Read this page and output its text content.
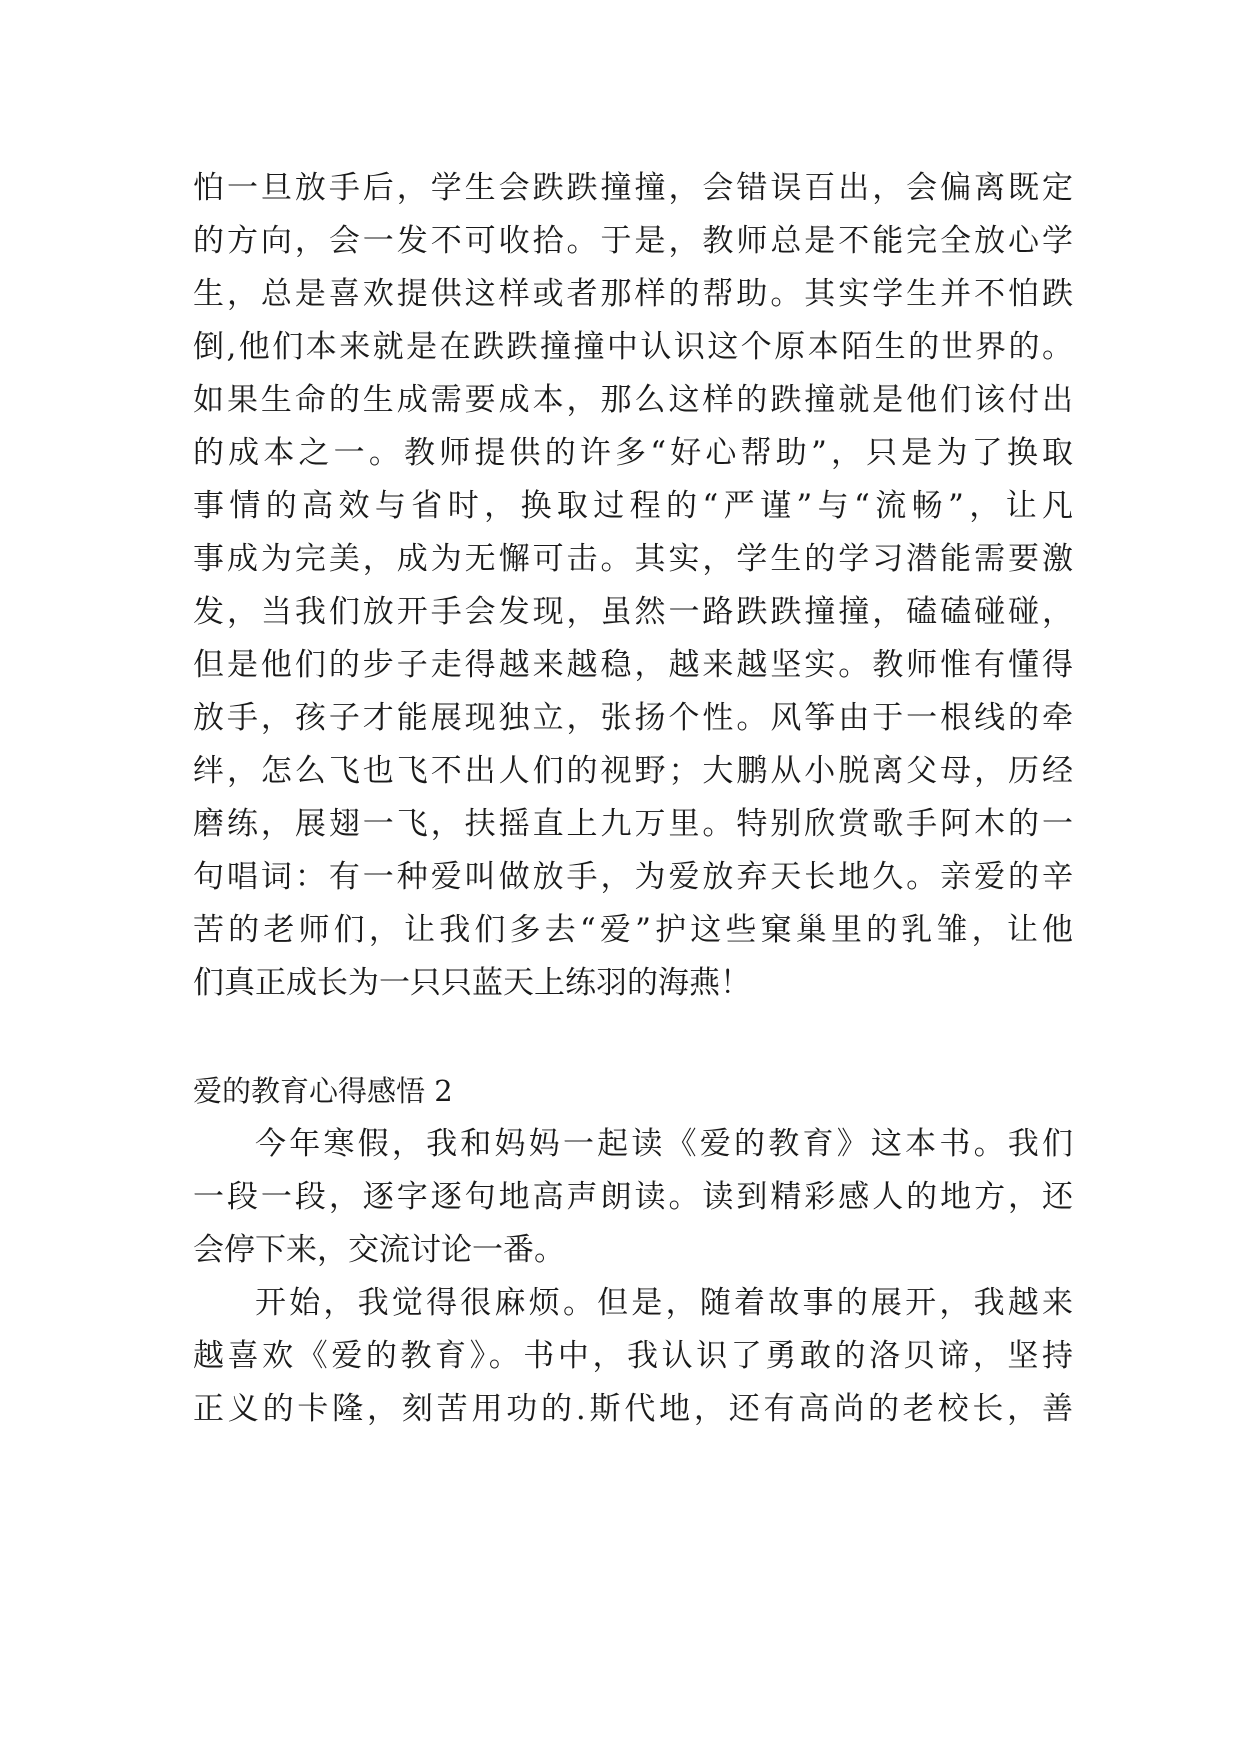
怕一旦放手后，学生会跌跌撞撞，会错误百出，会偏离既定
的方向，会一发不可收拾。于是，教师总是不能完全放心学
生，总是喜欢提供这样或者那样的帮助。其实学生并不怕跌
倒,他们本来就是在跌跌撞撞中认识这个原本陌生的世界的。
如果生命的生成需要成本，那么这样的跌撞就是他们该付出
的成本之一。教师提供的许多“好心帮助”，只是为了换取
事情的高效与省时，换取过程的“严谨”与“流畅”，让凡
事成为完美，成为无懈可击。其实，学生的学习潜能需要激
发，当我们放开手会发现，虽然一路跌跌撞撞，磕磕碰碰，
但是他们的步子走得越来越稳，越来越坚实。教师惟有懂得
放手，孩子才能展现独立，张扬个性。风筝由于一根线的牵
绊，怎么飞也飞不出人们的视野；大鹏从小脱离父母，历经
磨练，展翅一飞，扶摇直上九万里。特别欣赏歌手阿木的一
句唱词：有一种爱叫做放手，为爱放弃天长地久。亲爱的辛
苦的老师们，让我们多去“爱”护这些窠巢里的乳雏，让他
们真正成长为一只只蓝天上练羽的海燕！
爱的教育心得感悟 2
今年寒假，我和妈妈一起读《爱的教育》这本书。我们
一段一段，逐字逐句地高声朗读。读到精彩感人的地方，还
会停下来，交流讨论一番。
开始，我觉得很麻烦。但是，随着故事的展开，我越来
越喜欢《爱的教育》。书中，我认识了勇敢的洛贝谛，坚持
正义的卡隆，刻苦用功的.斯代地，还有高尚的老校长，善
